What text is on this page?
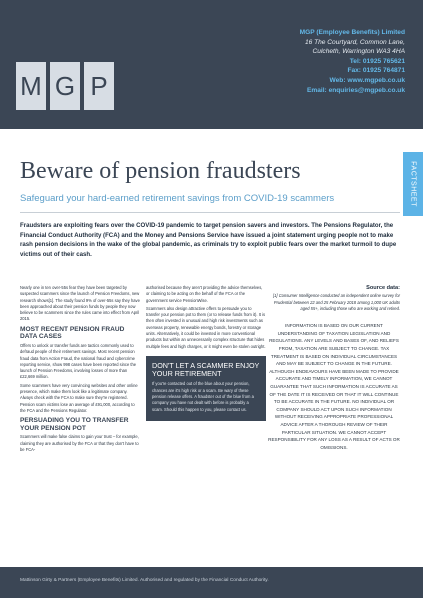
M G P
MGP (Employee Benefits) Limited
16 The Courtyard, Common Lane,
Culcheth, Warrington WA3 4HA
Tel: 01925 765621
Fax: 01925 764871
Web: www.mgpeb.co.uk
Email: enquiries@mgpeb.co.uk
FACTSHEET
Beware of pension fraudsters
Safeguard your hard-earned retirement savings from COVID-19 scammers
Fraudsters are exploiting fears over the COVID-19 pandemic to target pension savers and investors. The Pensions Regulator, the Financial Conduct Authority (FCA) and the Money and Pensions Service have issued a joint statement urging people not to make rash pension decisions in the wake of the global pandemic, as criminals try to exploit public fears over the market turmoil to dupe victims out of their cash.

Nearly one in ten over-55s fear they have been targeted by suspected scammers since the launch of Pension Freedoms, new research shows[1]. The study found 9% of over-55s say they have been approached about their pension funds by people they now believe to be scammers since the rules came into effect from April 2015.

MOST RECENT PENSION FRAUD DATA CASES

Offers to unlock or transfer funds are tactics commonly used to defraud people of their retirement savings. Most recent pension fraud data from Action Fraud, the national fraud and cybercrime reporting service, show 998 cases have been reported since the launch of Pension Freedoms, involving losses of more than £22,669 million.

Some scammers have very convincing websites and other online presence, which make them look like a legitimate company. Always check with the FCA to make sure they're registered. Pension scam victims lose an average of £91,000, according to the FCA and the Pensions Regulator.

PERSUADING YOU TO TRANSFER YOUR PENSION POT

Scammers will make false claims to gain your trust – for example, claiming they are authorised by the FCA or that they don't have to be FCA-

authorised because they aren't providing the advice themselves, or claiming to be acting on the behalf of the FCA or the government service PensionWise.

Scammers also design attractive offers to persuade you to transfer your pension pot to them (or to release funds from it). It is then often invested in unusual and high risk investments such as overseas property, renewable energy bonds, forestry or storage units. Alternatively, it could be invested in more conventional products but within an unnecessarily complex structure that hides multiple fees and high charges, or it might even be stolen outright.

DON'T LET A SCAMMER ENJOY YOUR RETIREMENT

If you're contacted out of the blue about your pension, chances are it's high risk or a scam. Be wary of these pension release offers. A fraudster out of the blue from a company you have not dealt with before is probably a scam. Should this happen to you, please contact us.

Source data:
[1] Consumer Intelligence conducted an independent online survey for Prudential between 22 and 25 February 2018 among 1,000 UK adults aged 55+, including those who are working and retired.
INFORMATION IS BASED ON OUR CURRENT UNDERSTANDING OF TAXATION LEGISLATION AND REGULATIONS. ANY LEVELS AND BASES OF, AND RELIEFS FROM, TAXATION ARE SUBJECT TO CHANGE. TAX TREATMENT IS BASED ON INDIVIDUAL CIRCUMSTANCES AND MAY BE SUBJECT TO CHANGE IN THE FUTURE. ALTHOUGH ENDEAVOURS HAVE BEEN MADE TO PROVIDE ACCURATE AND TIMELY INFORMATION, WE CANNOT GUARANTEE THAT SUCH INFORMATION IS ACCURATE AS OF THE DATE IT IS RECEIVED OR THAT IT WILL CONTINUE TO BE ACCURATE IN THE FUTURE. NO INDIVIDUAL OR COMPANY SHOULD ACT UPON SUCH INFORMATION WITHOUT RECEIVING APPROPRIATE PROFESSIONAL ADVICE AFTER A THOROUGH REVIEW OF THEIR PARTICULAR SITUATION. WE CANNOT ACCEPT RESPONSIBILITY FOR ANY LOSS AS A RESULT OF ACTS OR OMISSIONS.
Mattinson Girty & Partners (Employee Benefits) Limited. Authorised and regulated by the Financial Conduct Authority.
